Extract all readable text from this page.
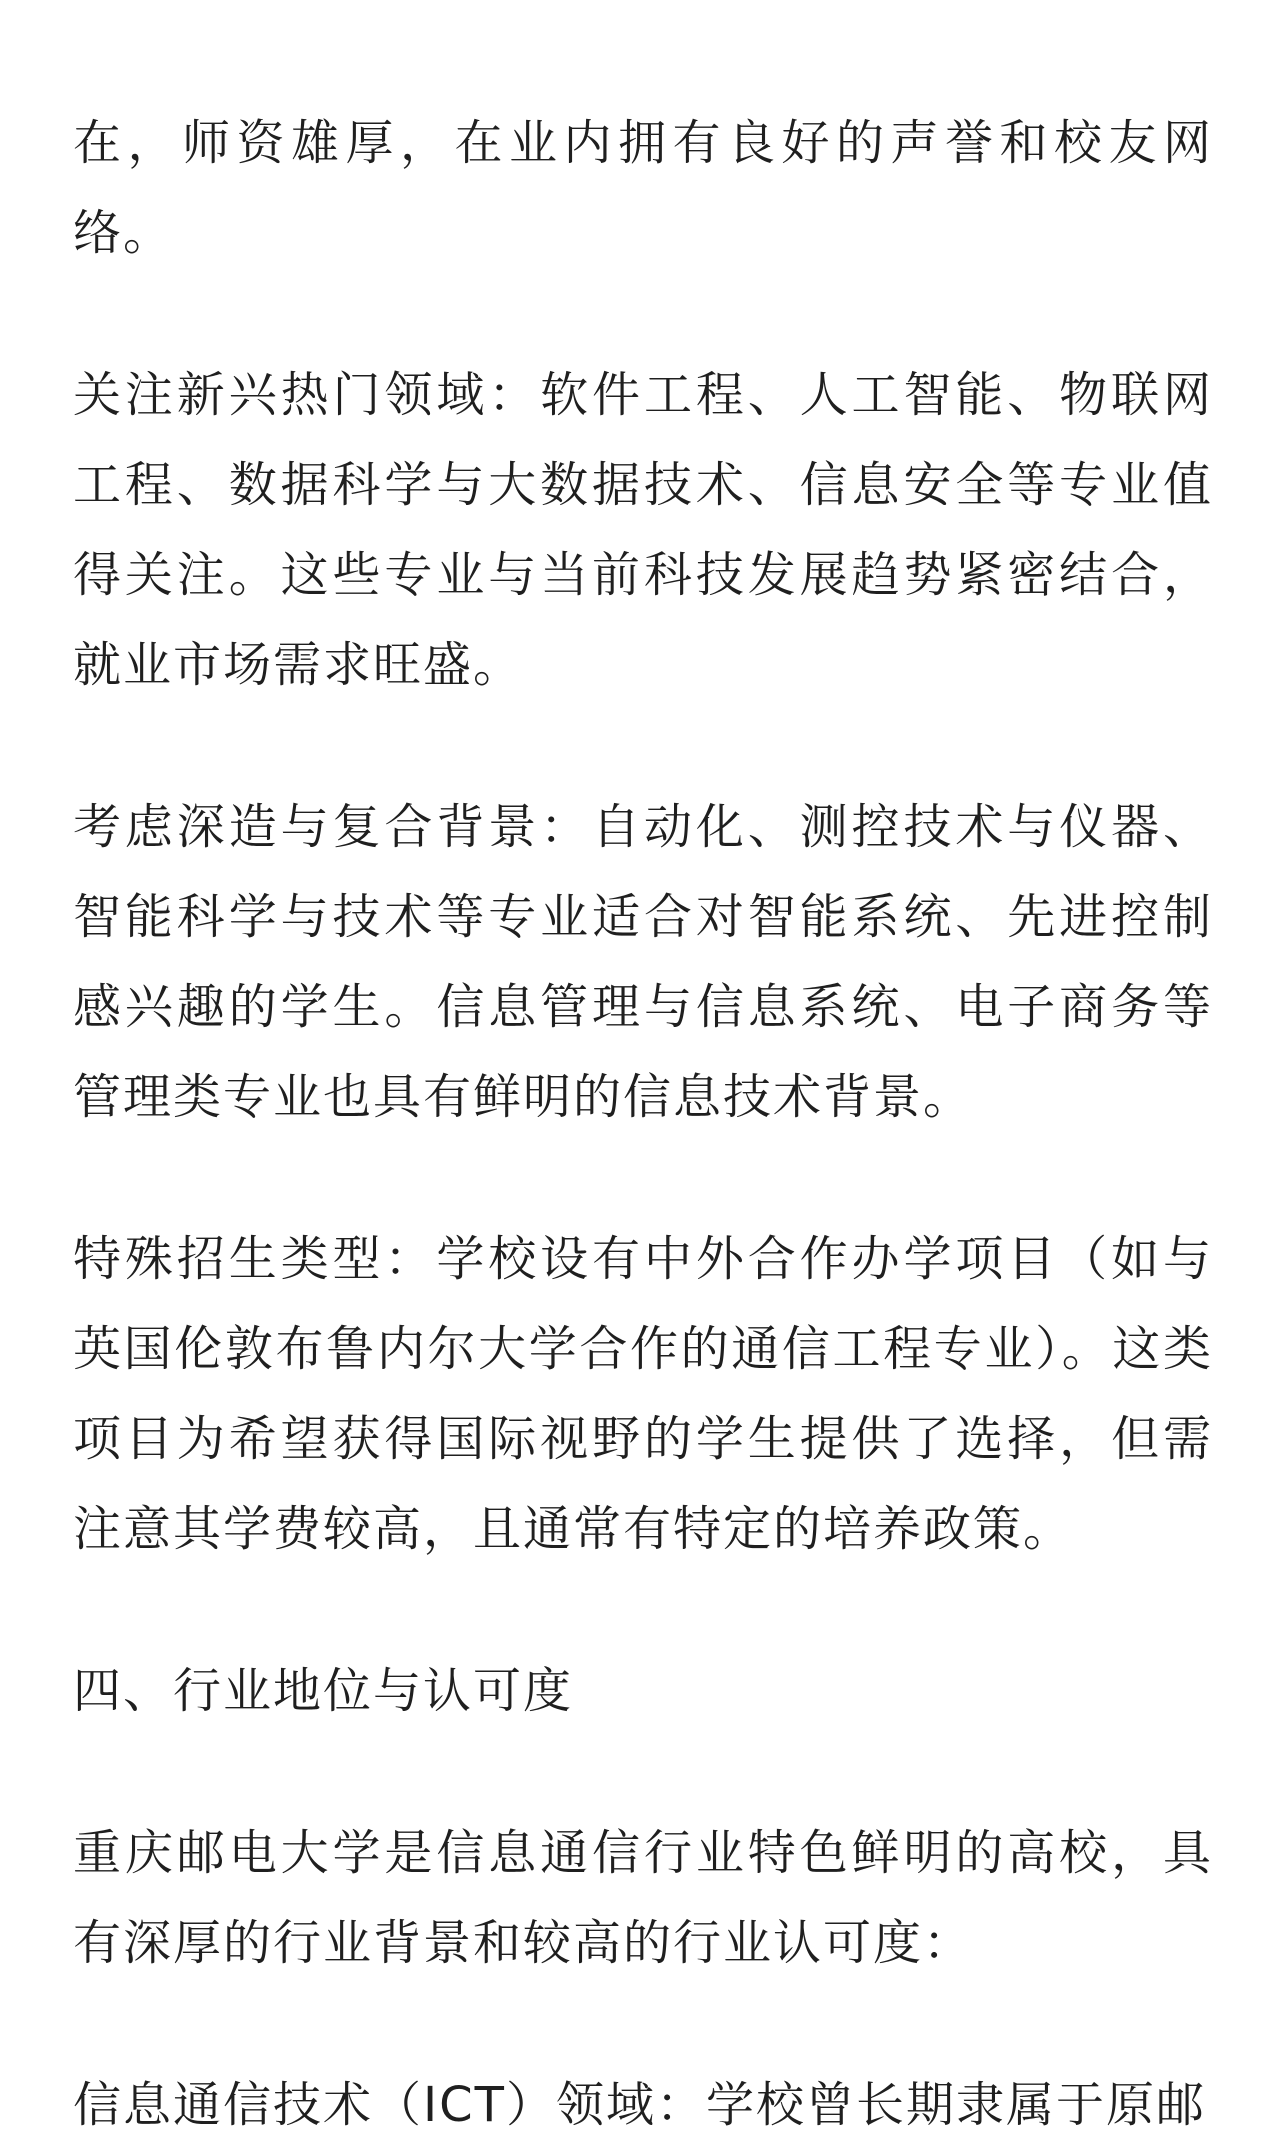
在，师资雄厚，在业内拥有良好的声誉和校友网络。

关注新兴热门领域：软件工程、人工智能、物联网工程、数据科学与大数据技术、信息安全等专业值得关注。这些专业与当前科技发展趋势紧密结合，就业市场需求旺盛。

考虑深造与复合背景：自动化、测控技术与仪器、智能科学与技术等专业适合对智能系统、先进控制感兴趣的学生。信息管理与信息系统、电子商务等管理类专业也具有鲜明的信息技术背景。

特殊招生类型：学校设有中外合作办学项目（如与英国伦敦布鲁内尔大学合作的通信工程专业）。这类项目为希望获得国际视野的学生提供了选择，但需注意其学费较高，且通常有特定的培养政策。

四、行业地位与认可度

重庆邮电大学是信息通信行业特色鲜明的高校，具有深厚的行业背景和较高的行业认可度：

信息通信技术（ICT）领域：学校曾长期隶属于原邮
